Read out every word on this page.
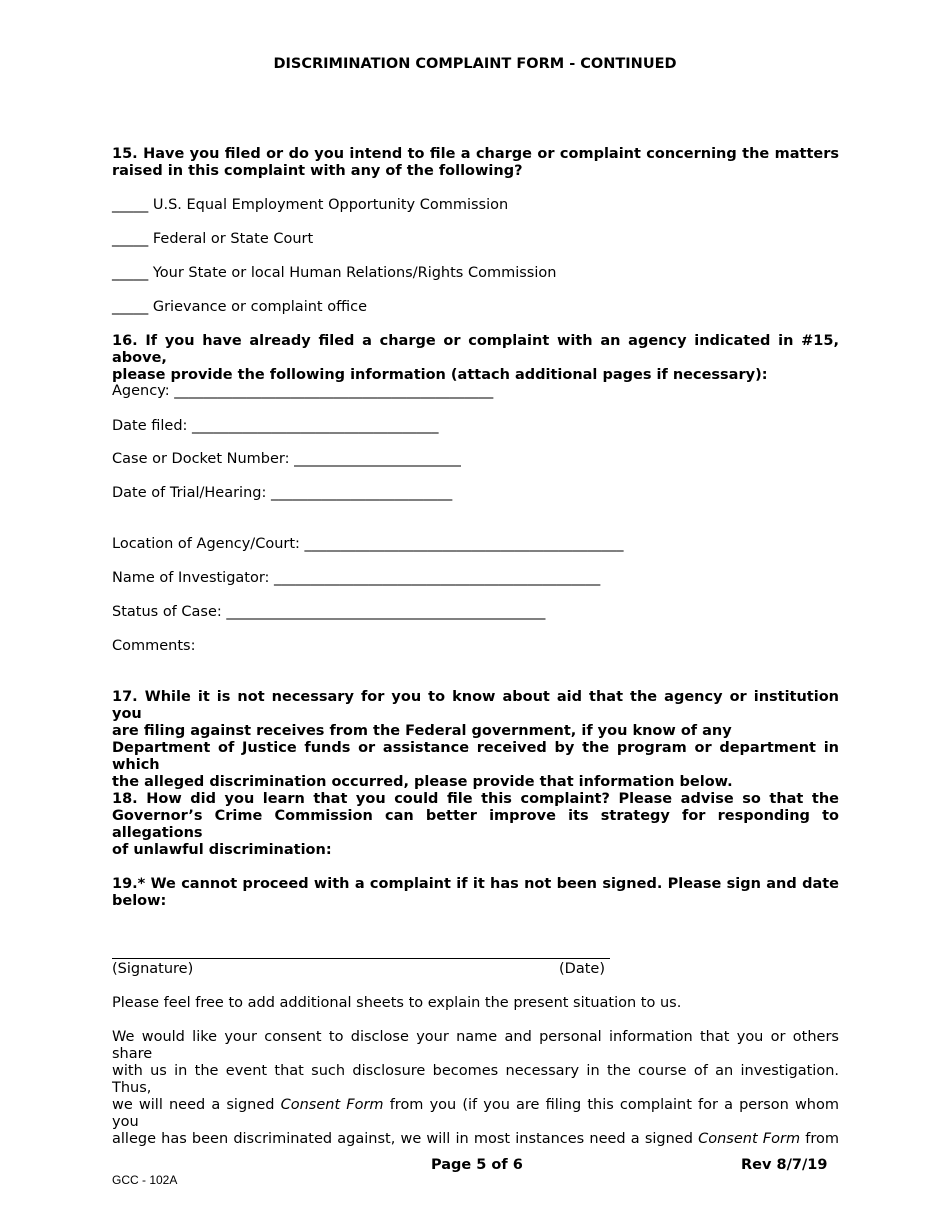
DISCRIMINATION COMPLAINT FORM - CONTINUED
15. Have you filed or do you intend to file a charge or complaint concerning the matters
raised in this complaint with any of the following?
_____ U.S. Equal Employment Opportunity Commission
_____ Federal or State Court
_____ Your State or local Human Relations/Rights Commission
_____ Grievance or complaint office
16. If you have already filed a charge or complaint with an agency indicated in #15, above,
please provide the following information (attach additional pages if necessary):
Agency: ____________________________________________
Date filed: __________________________________
Case or Docket Number: _______________________
Date of Trial/Hearing: _________________________
Location of Agency/Court: ____________________________________________
Name of Investigator: _____________________________________________
Status of Case: ____________________________________________
Comments:
17. While it is not necessary for you to know about aid that the agency or institution you
are filing against receives from the Federal government, if you know of any
Department of Justice funds or assistance received by the program or department in which
the alleged discrimination occurred, please provide that information below.
18. How did you learn that you could file this complaint? Please advise so that the
Governor’s Crime Commission can better improve its strategy for responding to allegations
of unlawful discrimination:
19.* We cannot proceed with a complaint if it has not been signed. Please sign and date
below:
(Signature)	(Date)
Please feel free to add additional sheets to explain the present situation to us.
We would like your consent to disclose your name and personal information that you or others share
with us in the event that such disclosure becomes necessary in the course of an investigation. Thus,
we will need a signed Consent Form from you (if you are filing this complaint for a person whom you
allege has been discriminated against, we will in most instances need a signed Consent Form from
Page 5 of 6	Rev 8/7/19
GCC - 102A
